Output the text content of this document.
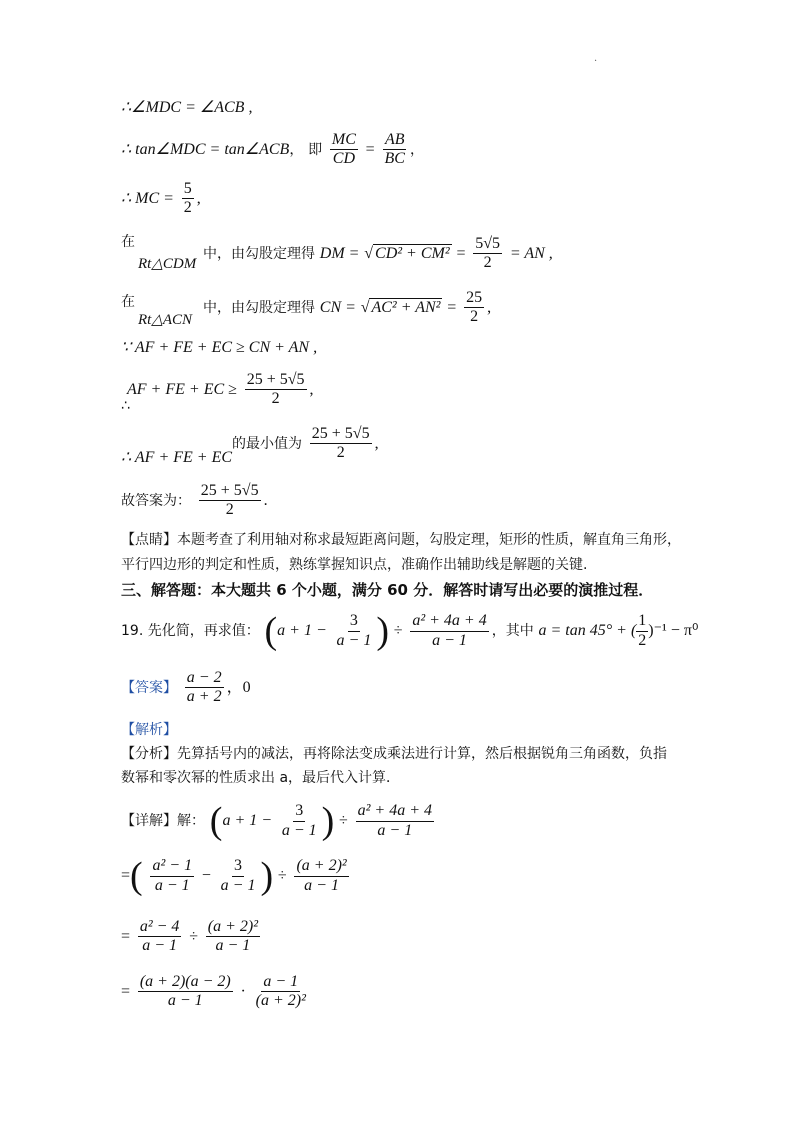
·
∴∠MDC = ∠ACB ,
∴ tan∠MDC = tan∠ACB， 即 $\frac{MC}{CD} = \frac{AB}{BC}$ ，
∴ MC = $\frac{5}{2}$ ,
在
Rt△CDM
中，由勾股定理得 DM = √ $CD^2 + CM^2 = \frac{5√5}{2}$ = AN ,
在
Rt△ACN
中，由勾股定理得 CN = √ $AC^2 + AN^2 = \frac{25}{2}$ ,
∵ AF + FE + EC ≥ CN + AN ,
AF + FE + EC ≥ $\frac{25 + 5√5}{2}$ ,
∴
∴ AF + FE + EC
的最小值为 $\frac{25 + 5√5}{2}$ ,
故答案为： $\frac{25 + 5√5}{2}$ .
【点睛】本题考查了利用轴对称求最短距离问题，勾股定理，矩形的性质，解直角三角形，
平行四边形的判定和性质，熟练掌握知识点，准确作出辅助线是解题的关键.
三、解答题：本大题共 6 个小题，满分 60 分．解答时请写出必要的演推过程．
19. 先化简，再求值： ($a + 1 - \frac{3}{a - 1}$ ) ÷ $\frac{\text{a² + 4a + 4}}{a - 1}$ ，其中 a = tan 45° + ( $\frac{1}{2} )^{-1} - \pi^0$
【答案】 $\frac{a - 2}{a + 2}$ ，0
【解析】
【分析】先算括号内的减法，再将除法变成乘法进行计算，然后根据锐角三角函数，负指
数幂和零次幂的性质求出 a，最后代入计算．
【详解】解： ($a + 1 - \frac{3}{a - 1}$ ) ÷ $\frac{\text{a² + 4a + 4}}{a - 1}$
=( $\frac{\text{a² − 1}}{a - 1} - \frac{3}{a - 1}$ ) ÷ $\frac{\text{(a + 2)²}}{a - 1}$
= $\frac{\text{a² − 4}}{a - 1} \div \frac{\text{(a + 2)²}}{a - 1}$
= $\frac{(a + 2)(a - 2)}{a - 1} \cdot \frac{a - 1}{\text{(a + 2)²}}$
